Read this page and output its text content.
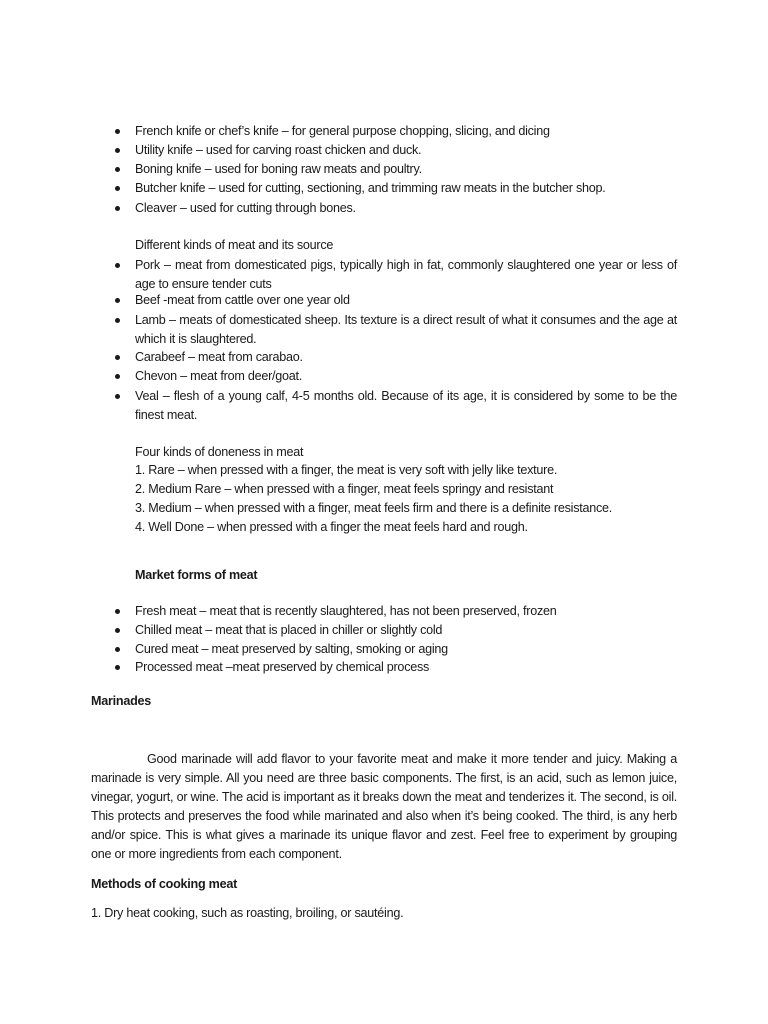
French knife or chef’s knife – for general purpose chopping, slicing, and dicing
Utility knife – used for carving roast chicken and duck.
Boning knife – used for boning raw meats and poultry.
Butcher knife – used for cutting, sectioning, and trimming raw meats in the butcher shop.
Cleaver – used for cutting through bones.
Different kinds of meat and its source
Pork – meat from domesticated pigs, typically high in fat, commonly slaughtered one year or less of age to ensure tender cuts
Beef -meat from cattle over one year old
Lamb – meats of domesticated sheep. Its texture is a direct result of what it consumes and the age at which it is slaughtered.
Carabeef – meat from carabao.
Chevon – meat from deer/goat.
Veal – flesh of a young calf, 4-5 months old. Because of its age, it is considered by some to be the finest meat.
Four kinds of doneness in meat
1. Rare – when pressed with a finger, the meat is very soft with jelly like texture.
2. Medium Rare – when pressed with a finger, meat feels springy and resistant
3. Medium – when pressed with a finger, meat feels firm and there is a definite resistance.
4. Well Done – when pressed with a finger the meat feels hard and rough.
Market forms of meat
Fresh meat – meat that is recently slaughtered, has not been preserved, frozen
Chilled meat – meat that is placed in chiller or slightly cold
Cured meat – meat preserved by salting, smoking or aging
Processed meat –meat preserved by chemical process
Marinades
Good marinade will add flavor to your favorite meat and make it more tender and juicy. Making a marinade is very simple. All you need are three basic components. The first, is an acid, such as lemon juice, vinegar, yogurt, or wine. The acid is important as it breaks down the meat and tenderizes it. The second, is oil. This protects and preserves the food while marinated and also when it’s being cooked. The third, is any herb and/or spice. This is what gives a marinade its unique flavor and zest. Feel free to experiment by grouping one or more ingredients from each component.
Methods of cooking meat
1. Dry heat cooking, such as roasting, broiling, or sautéing.
